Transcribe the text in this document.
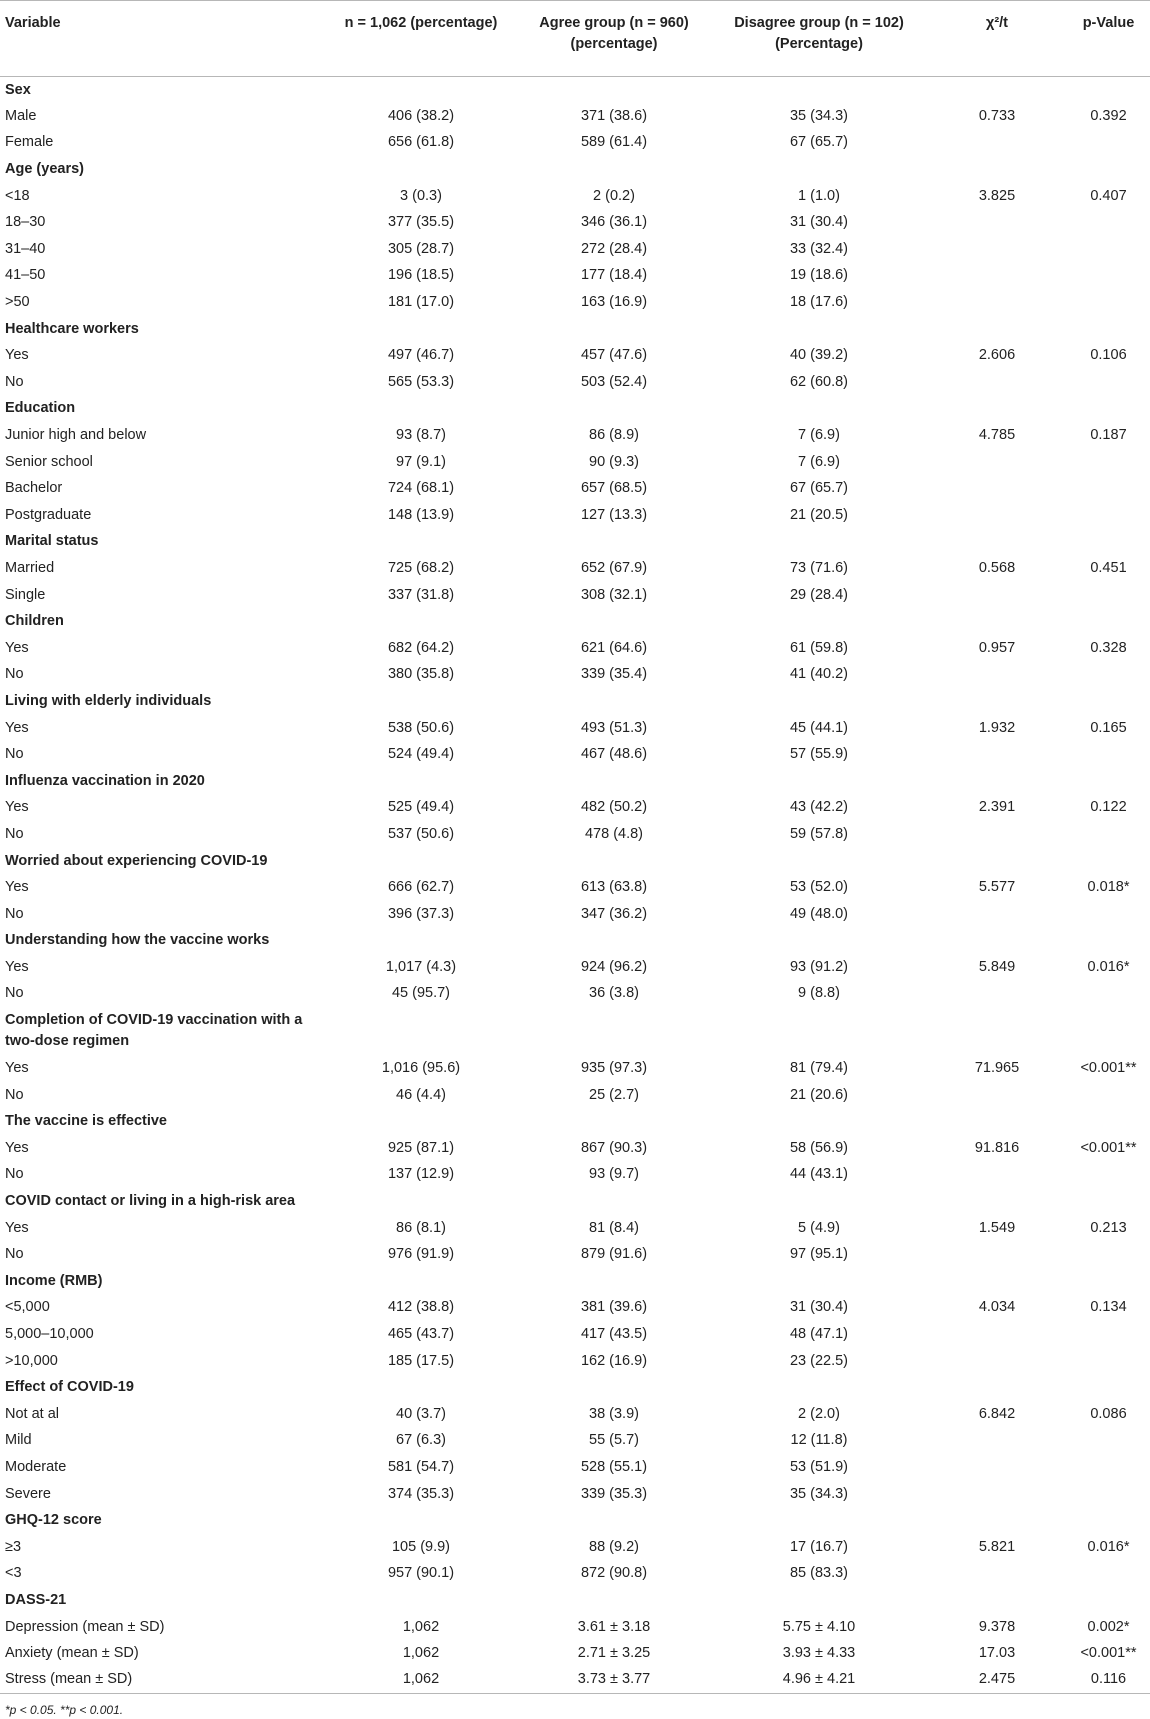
Variable	n = 1,062 (percentage)	Agree group (n = 960) (percentage)	Disagree group (n = 102) (Percentage)	χ²/t	p-Value
Sex					
Male	406 (38.2)	371 (38.6)	35 (34.3)	0.733	0.392
Female	656 (61.8)	589 (61.4)	67 (65.7)		
Age (years)					
<18	3 (0.3)	2 (0.2)	1 (1.0)	3.825	0.407
18–30	377 (35.5)	346 (36.1)	31 (30.4)		
31–40	305 (28.7)	272 (28.4)	33 (32.4)		
41–50	196 (18.5)	177 (18.4)	19 (18.6)		
>50	181 (17.0)	163 (16.9)	18 (17.6)		
Healthcare workers					
Yes	497 (46.7)	457 (47.6)	40 (39.2)	2.606	0.106
No	565 (53.3)	503 (52.4)	62 (60.8)		
Education					
Junior high and below	93 (8.7)	86 (8.9)	7 (6.9)	4.785	0.187
Senior school	97 (9.1)	90 (9.3)	7 (6.9)		
Bachelor	724 (68.1)	657 (68.5)	67 (65.7)		
Postgraduate	148 (13.9)	127 (13.3)	21 (20.5)		
Marital status					
Married	725 (68.2)	652 (67.9)	73 (71.6)	0.568	0.451
Single	337 (31.8)	308 (32.1)	29 (28.4)		
Children					
Yes	682 (64.2)	621 (64.6)	61 (59.8)	0.957	0.328
No	380 (35.8)	339 (35.4)	41 (40.2)		
Living with elderly individuals					
Yes	538 (50.6)	493 (51.3)	45 (44.1)	1.932	0.165
No	524 (49.4)	467 (48.6)	57 (55.9)		
Influenza vaccination in 2020					
Yes	525 (49.4)	482 (50.2)	43 (42.2)	2.391	0.122
No	537 (50.6)	478 (4.8)	59 (57.8)		
Worried about experiencing COVID-19					
Yes	666 (62.7)	613 (63.8)	53 (52.0)	5.577	0.018*
No	396 (37.3)	347 (36.2)	49 (48.0)		
Understanding how the vaccine works					
Yes	1,017 (4.3)	924 (96.2)	93 (91.2)	5.849	0.016*
No	45 (95.7)	36 (3.8)	9 (8.8)		
Completion of COVID-19 vaccination with a two-dose regimen					
Yes	1,016 (95.6)	935 (97.3)	81 (79.4)	71.965	<0.001**
No	46 (4.4)	25 (2.7)	21 (20.6)		
The vaccine is effective					
Yes	925 (87.1)	867 (90.3)	58 (56.9)	91.816	<0.001**
No	137 (12.9)	93 (9.7)	44 (43.1)		
COVID contact or living in a high-risk area					
Yes	86 (8.1)	81 (8.4)	5 (4.9)	1.549	0.213
No	976 (91.9)	879 (91.6)	97 (95.1)		
Income (RMB)					
<5,000	412 (38.8)	381 (39.6)	31 (30.4)	4.034	0.134
5,000–10,000	465 (43.7)	417 (43.5)	48 (47.1)		
>10,000	185 (17.5)	162 (16.9)	23 (22.5)		
Effect of COVID-19					
Not at al	40 (3.7)	38 (3.9)	2 (2.0)	6.842	0.086
Mild	67 (6.3)	55 (5.7)	12 (11.8)		
Moderate	581 (54.7)	528 (55.1)	53 (51.9)		
Severe	374 (35.3)	339 (35.3)	35 (34.3)		
GHQ-12 score					
≥3	105 (9.9)	88 (9.2)	17 (16.7)	5.821	0.016*
<3	957 (90.1)	872 (90.8)	85 (83.3)		
DASS-21					
Depression (mean ± SD)	1,062	3.61 ± 3.18	5.75 ± 4.10	9.378	0.002*
Anxiety (mean ± SD)	1,062	2.71 ± 3.25	3.93 ± 4.33	17.03	<0.001**
Stress (mean ± SD)	1,062	3.73 ± 3.77	4.96 ± 4.21	2.475	0.116
*p < 0.05. **p < 0.001.
